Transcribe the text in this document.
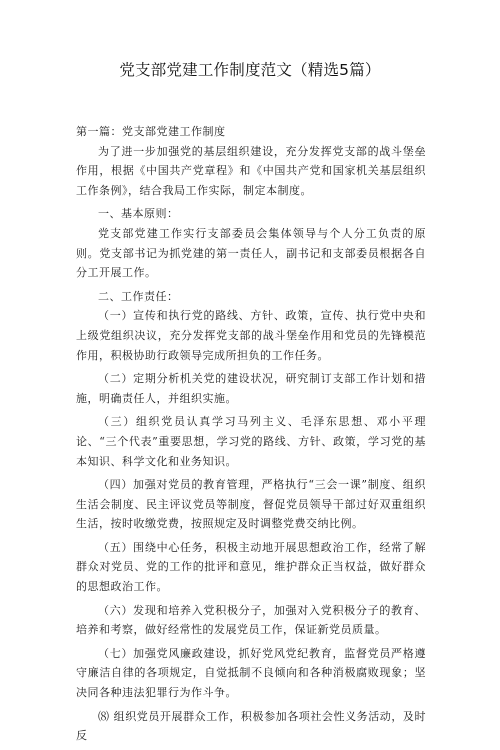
党支部党建工作制度范文（精选5篇）

第一篇：党支部党建工作制度

为了进一步加强党的基层组织建设，充分发挥党支部的战斗堡垒作用，根据《中国共产党章程》和《中国共产党和国家机关基层组织工作条例》，结合我局工作实际，制定本制度。

一、基本原则：

党支部党建工作实行支部委员会集体领导与个人分工负责的原则。党支部书记为抓党建的第一责任人，副书记和支部委员根据各自分工开展工作。

二、工作责任：

（一）宣传和执行党的路线、方针、政策，宣传、执行党中央和上级党组织决议，充分发挥党支部的战斗堡垒作用和党员的先锋模范作用，积极协助行政领导完成所担负的工作任务。

（二）定期分析机关党的建设状况，研究制订支部工作计划和措施，明确责任人，并组织实施。

（三）组织党员认真学习马列主义、毛泽东思想、邓小平理论、“三个代表”重要思想，学习党的路线、方针、政策，学习党的基本知识、科学文化和业务知识。

（四）加强对党员的教育管理，严格执行“三会一课”制度、组织生活会制度、民主评议党员等制度，督促党员领导干部过好双重组织生活，按时收缴党费，按照规定及时调整党费交纳比例。

（五）围绕中心任务，积极主动地开展思想政治工作，经常了解群众对党员、党的工作的批评和意见，维护群众正当权益，做好群众的思想政治工作。

（六）发现和培养入党积极分子，加强对入党积极分子的教育、培养和考察，做好经常性的发展党员工作，保证新党员质量。

（七）加强党风廉政建设，抓好党风党纪教育，监督党员严格遵守廉洁自律的各项规定，自觉抵制不良倾向和各种消极腐败现象；坚决同各种违法犯罪行为作斗争。

⑻ 组织党员开展群众工作，积极参加各项社会性义务活动，及时反
